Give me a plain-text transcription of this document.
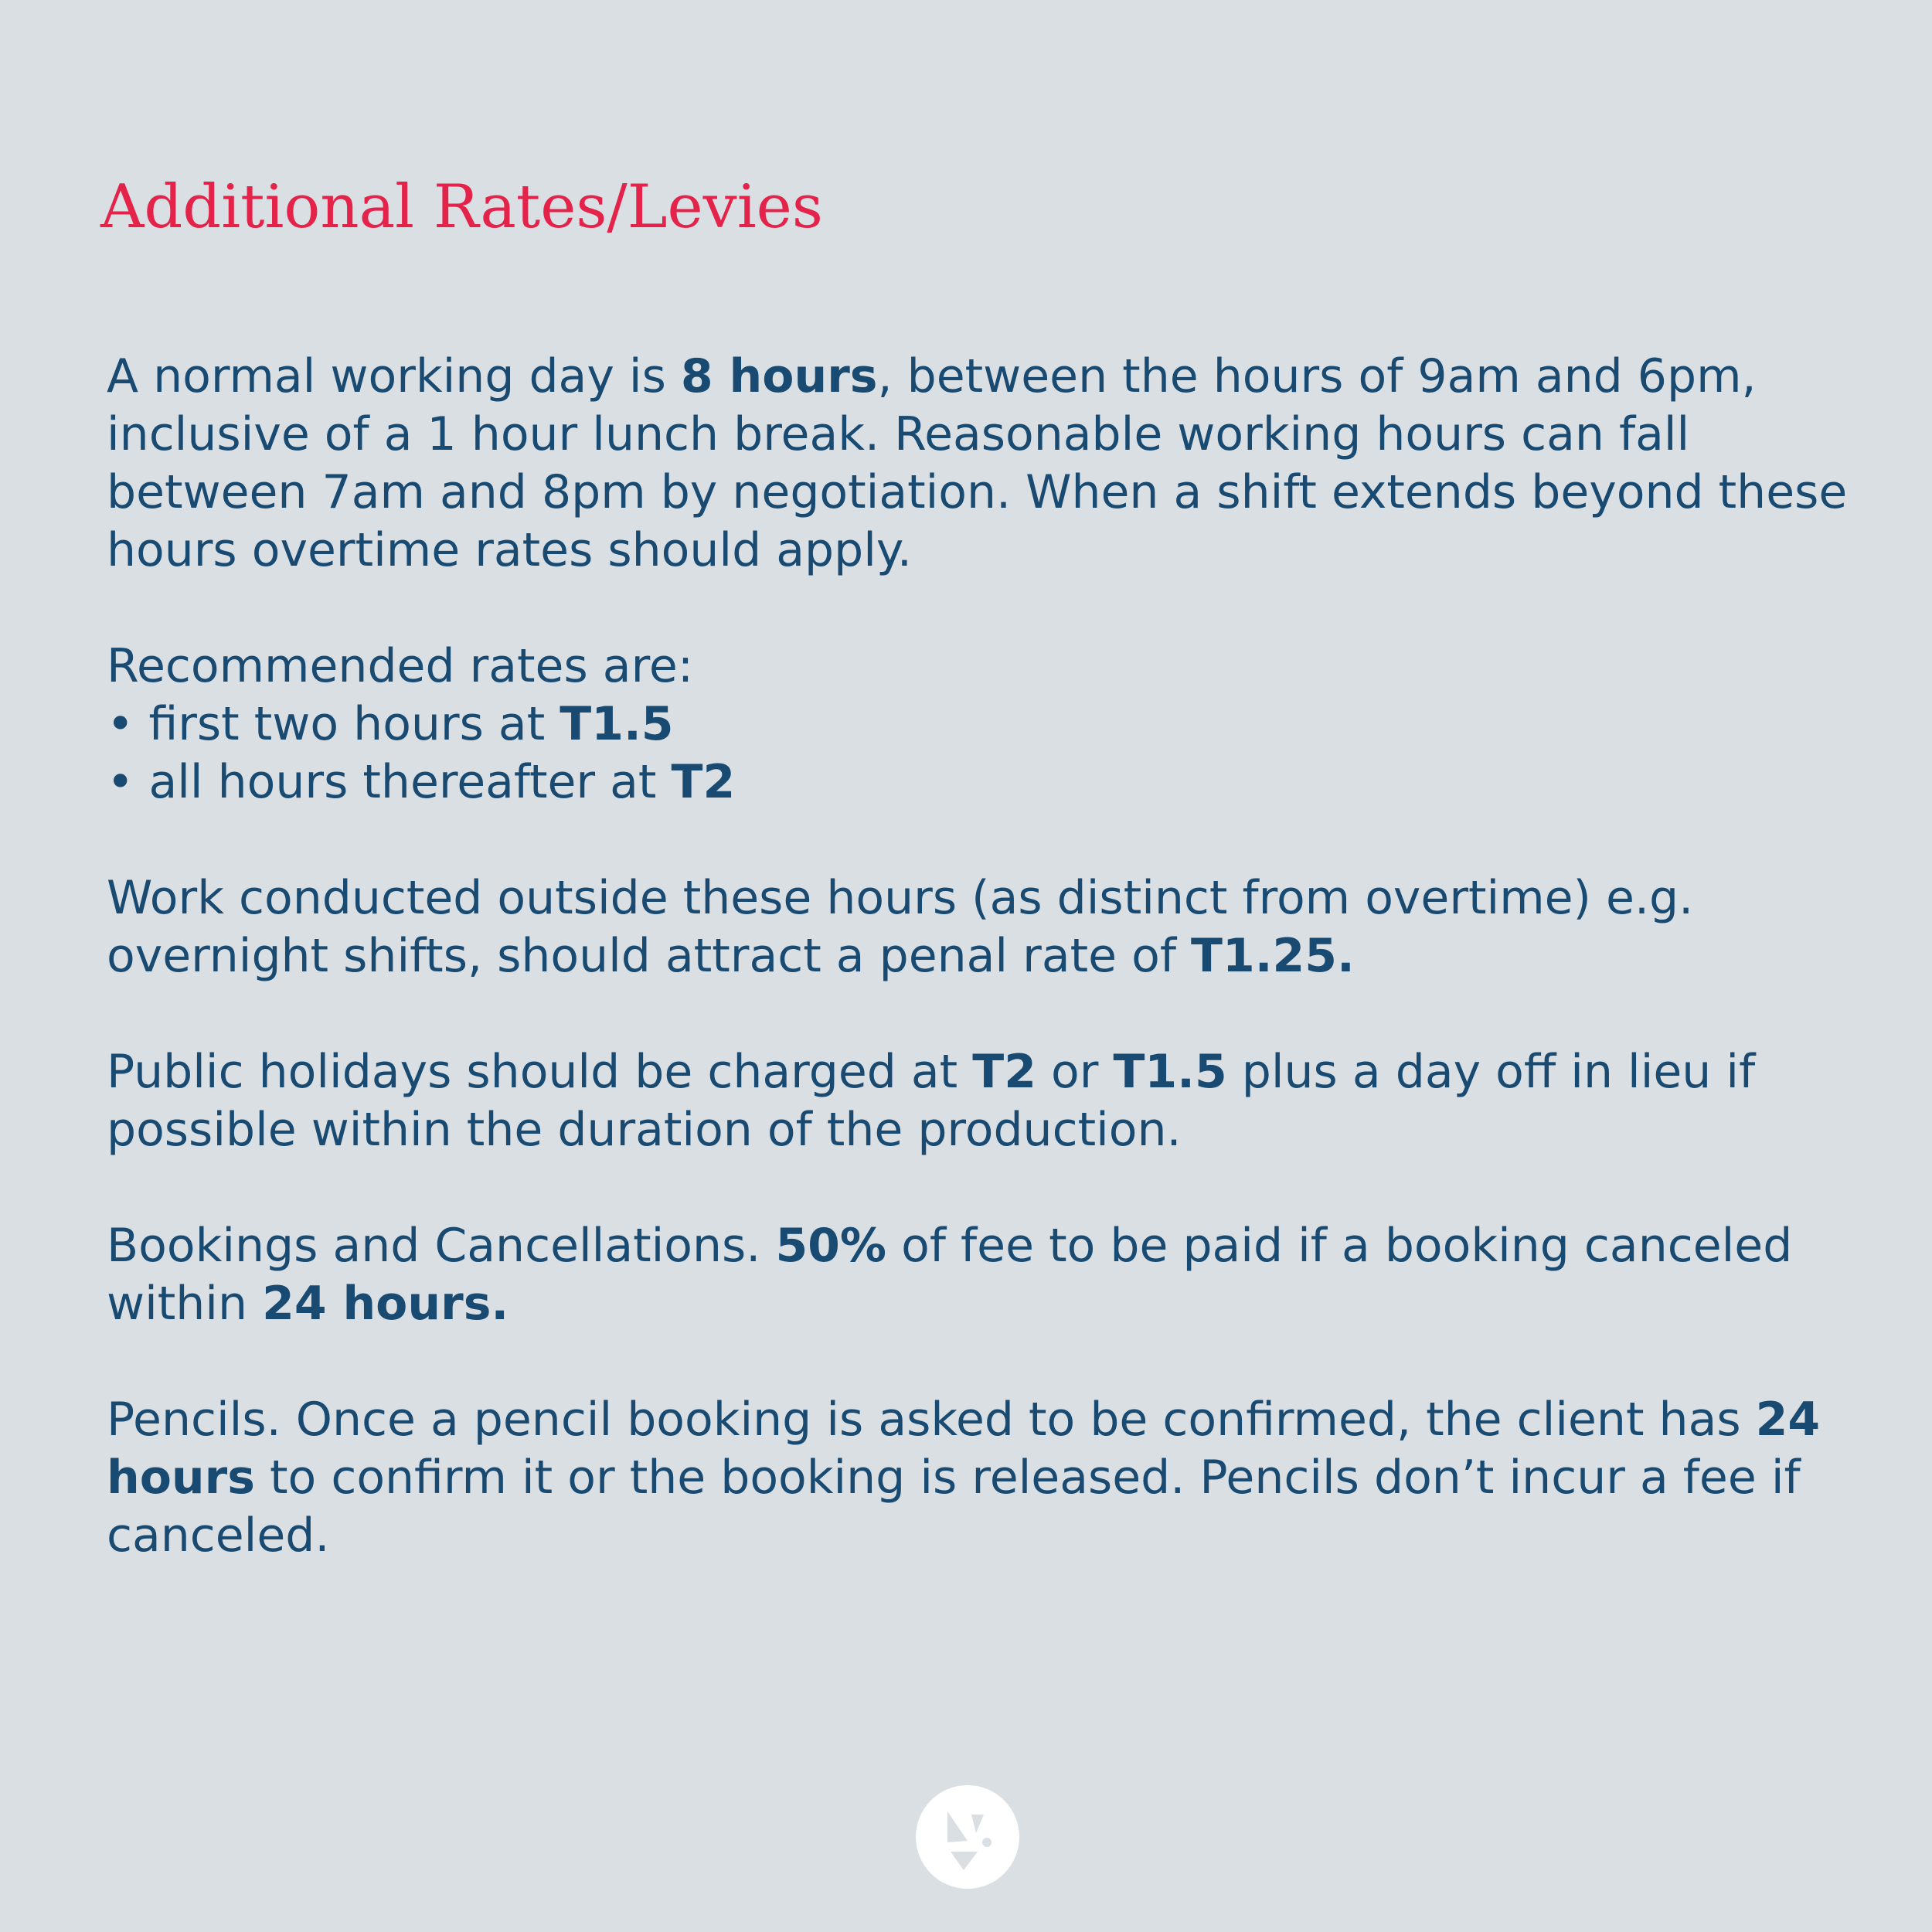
Additional Rates/Levies

A normal working day is 8 hours, between the hours of 9am and 6pm, inclusive of a 1 hour lunch break. Reasonable working hours can fall between 7am and 8pm by negotiation. When a shift extends beyond these hours overtime rates should apply.

Recommended rates are:
• first two hours at T1.5
• all hours thereafter at T2

Work conducted outside these hours (as distinct from overtime) e.g. overnight shifts, should attract a penal rate of T1.25.

Public holidays should be charged at T2 or T1.5 plus a day off in lieu if possible within the duration of the production.

Bookings and Cancellations. 50% of fee to be paid if a booking canceled within 24 hours.

Pencils. Once a pencil booking is asked to be confirmed, the client has 24 hours to confirm it or the booking is released. Pencils don’t incur a fee if canceled.
